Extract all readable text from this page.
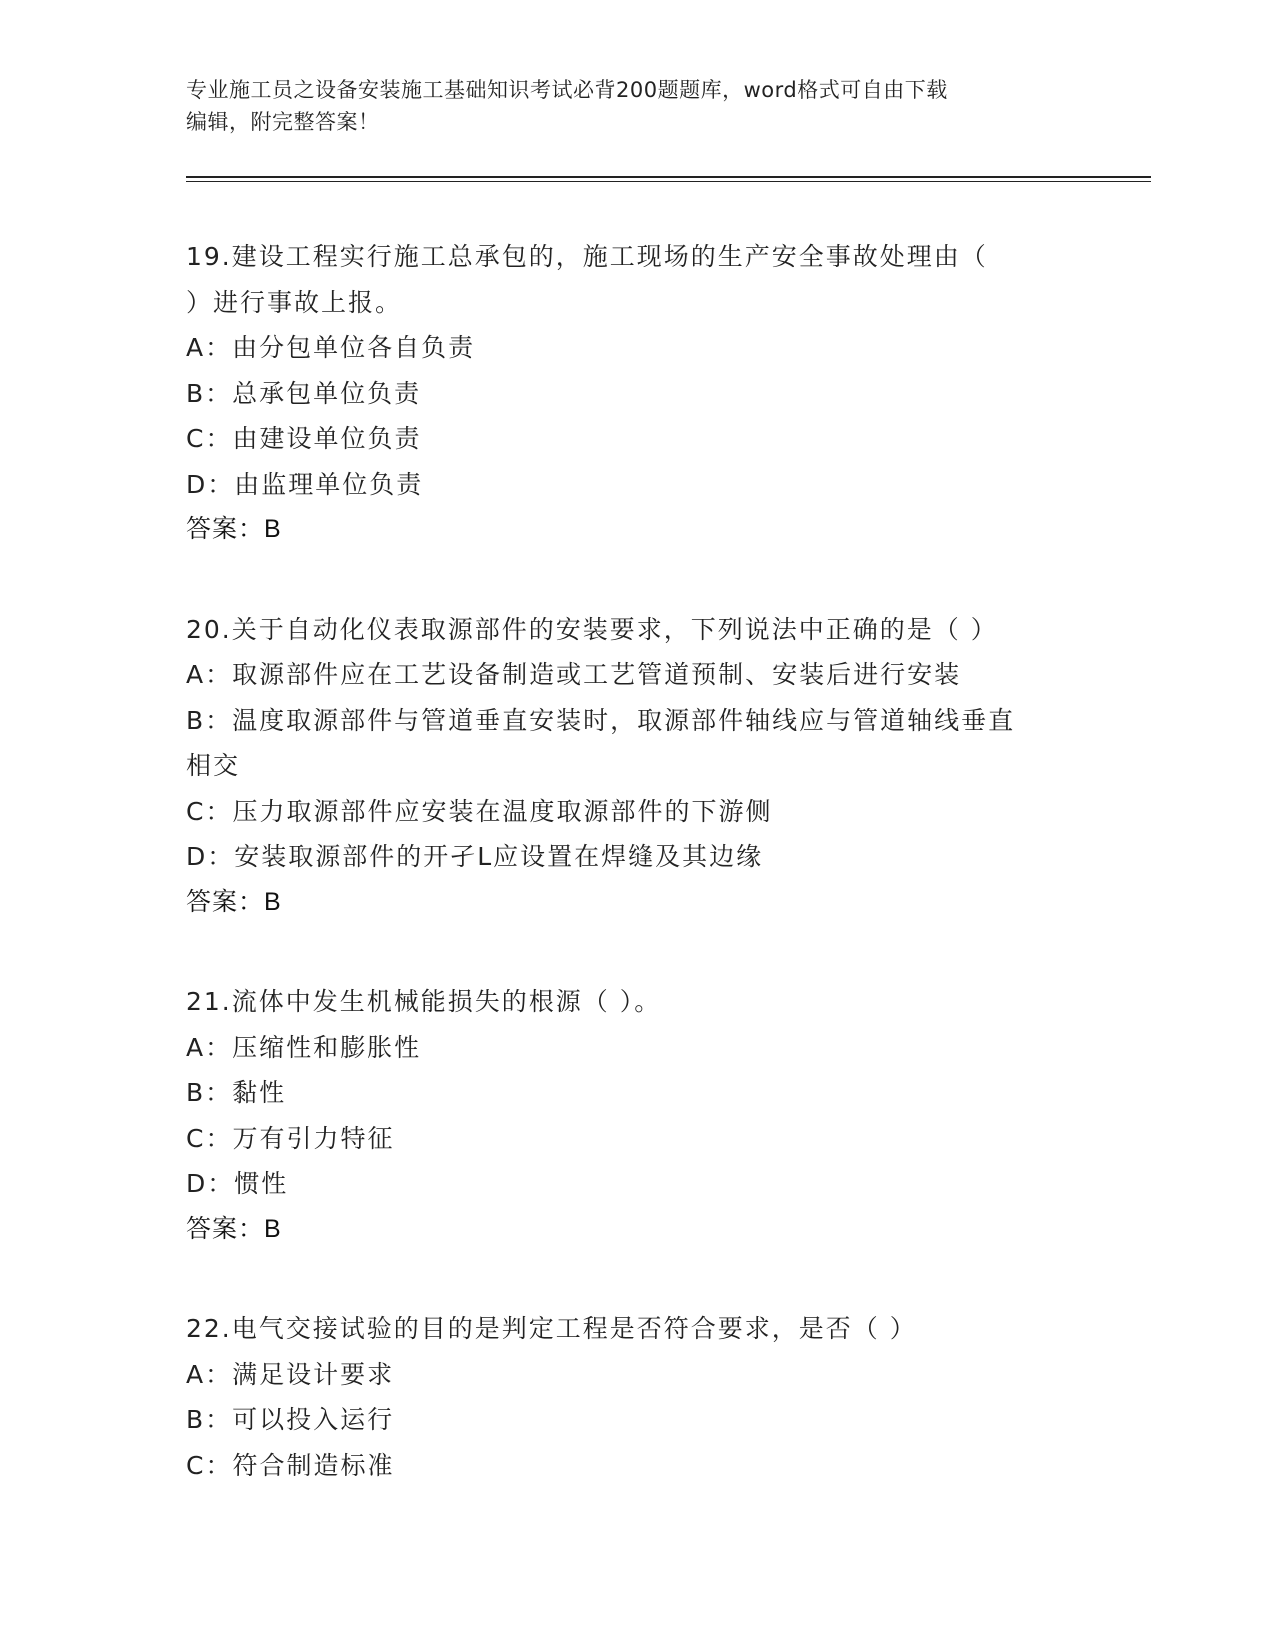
专业施工员之设备安装施工基础知识考试必背200题题库，word格式可自由下载
编辑，附完整答案！
19.建设工程实行施工总承包的，施工现场的生产安全事故处理由（
）进行事故上报。
A：由分包单位各自负责
B：总承包单位负责
C：由建设单位负责
D：由监理单位负责
答案：B
20.关于自动化仪表取源部件的安装要求，下列说法中正确的是（ ）
A：取源部件应在工艺设备制造或工艺管道预制、安装后进行安装
B：温度取源部件与管道垂直安装时，取源部件轴线应与管道轴线垂直
相交
C：压力取源部件应安装在温度取源部件的下游侧
D：安装取源部件的开孑L应设置在焊缝及其边缘
答案：B
21.流体中发生机械能损失的根源（ ）。
A：压缩性和膨胀性
B：黏性
C：万有引力特征
D：惯性
答案：B
22.电气交接试验的目的是判定工程是否符合要求，是否（ ）
A：满足设计要求
B：可以投入运行
C：符合制造标准
